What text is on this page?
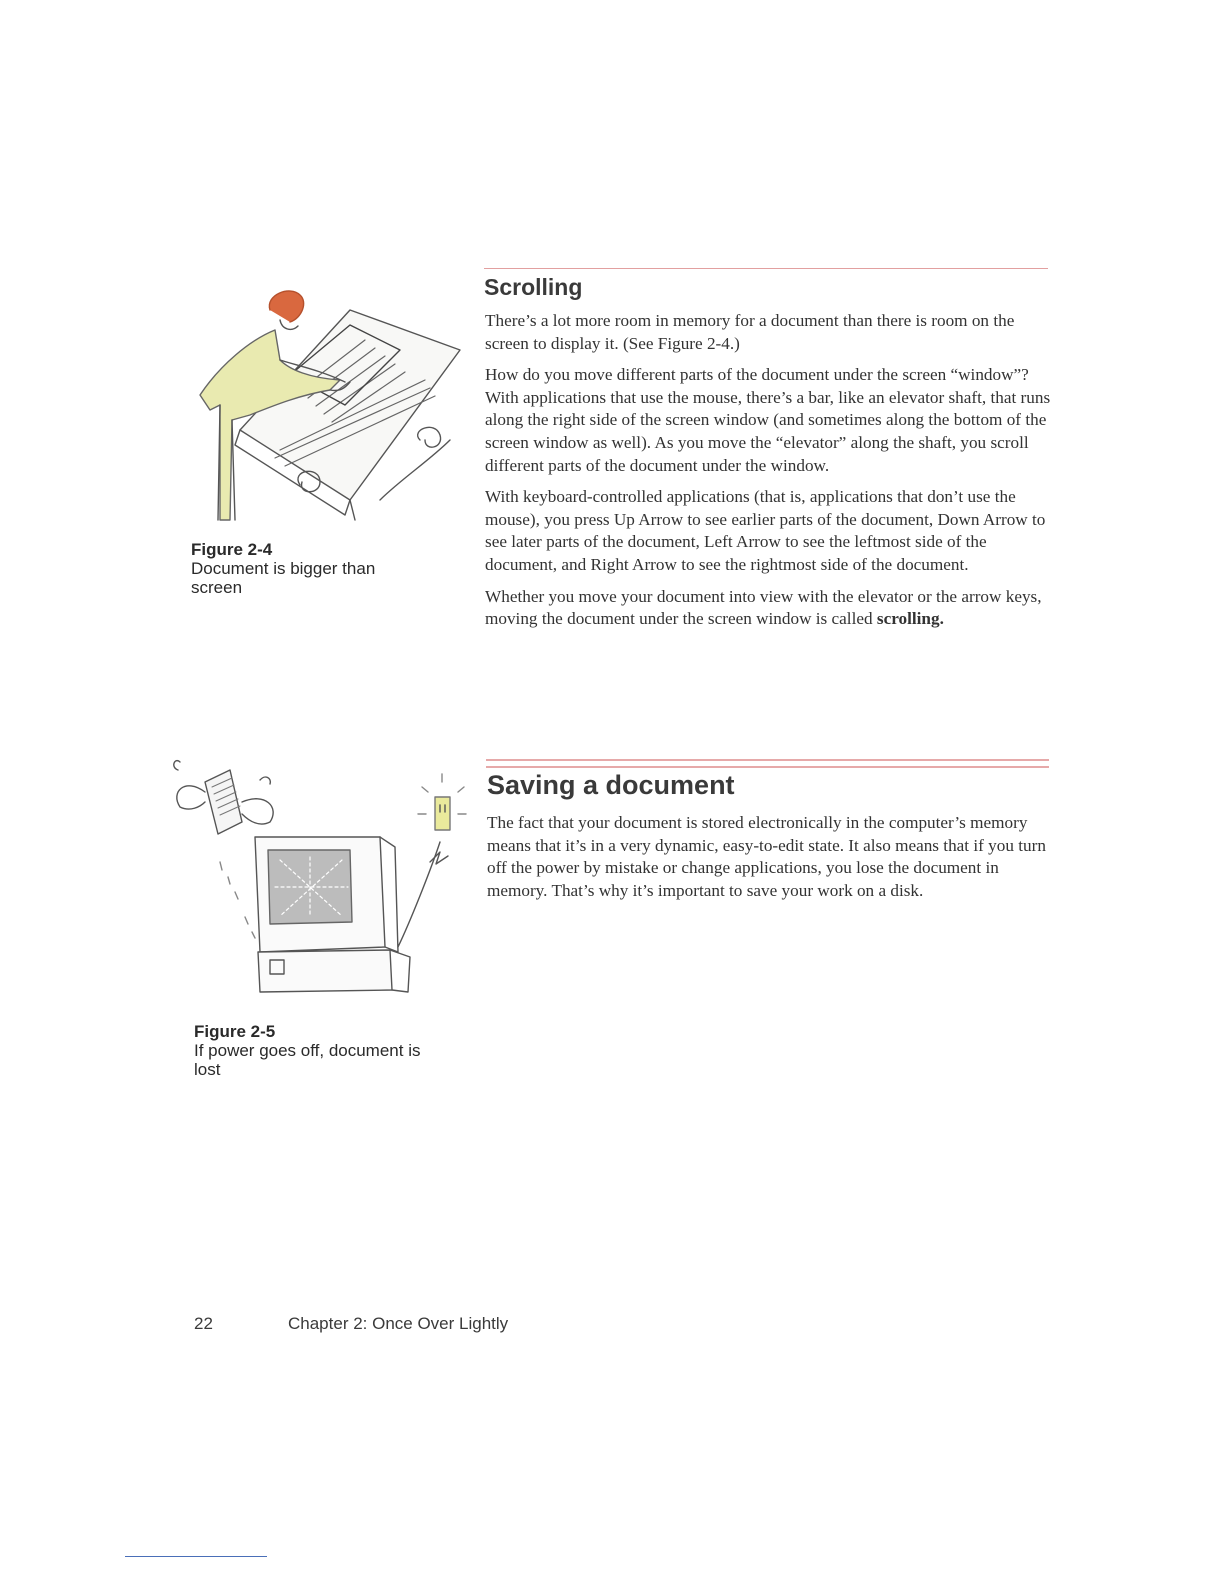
Figure 2-4
Document is bigger than screen
Figure 2-5
If power goes off, document is lost
Scrolling

There’s a lot more room in memory for a document than there is room on the screen to display it. (See Figure 2-4.)

How do you move different parts of the document under the screen “window”? With applications that use the mouse, there’s a bar, like an elevator shaft, that runs along the right side of the screen window (and sometimes along the bottom of the screen window as well). As you move the “elevator” along the shaft, you scroll different parts of the document under the window.

With keyboard-controlled applications (that is, applications that don’t use the mouse), you press Up Arrow to see earlier parts of the document, Down Arrow to see later parts of the document, Left Arrow to see the leftmost side of the document, and Right Arrow to see the rightmost side of the document.

Whether you move your document into view with the elevator or the arrow keys, moving the document under the screen window is called scrolling.

Saving a document

The fact that your document is stored electronically in the computer’s memory means that it’s in a very dynamic, easy-to-edit state. It also means that if you turn off the power by mistake or change applications, you lose the document in memory. That’s why it’s important to save your work on a disk.

22	Chapter 2: Once Over Lightly
